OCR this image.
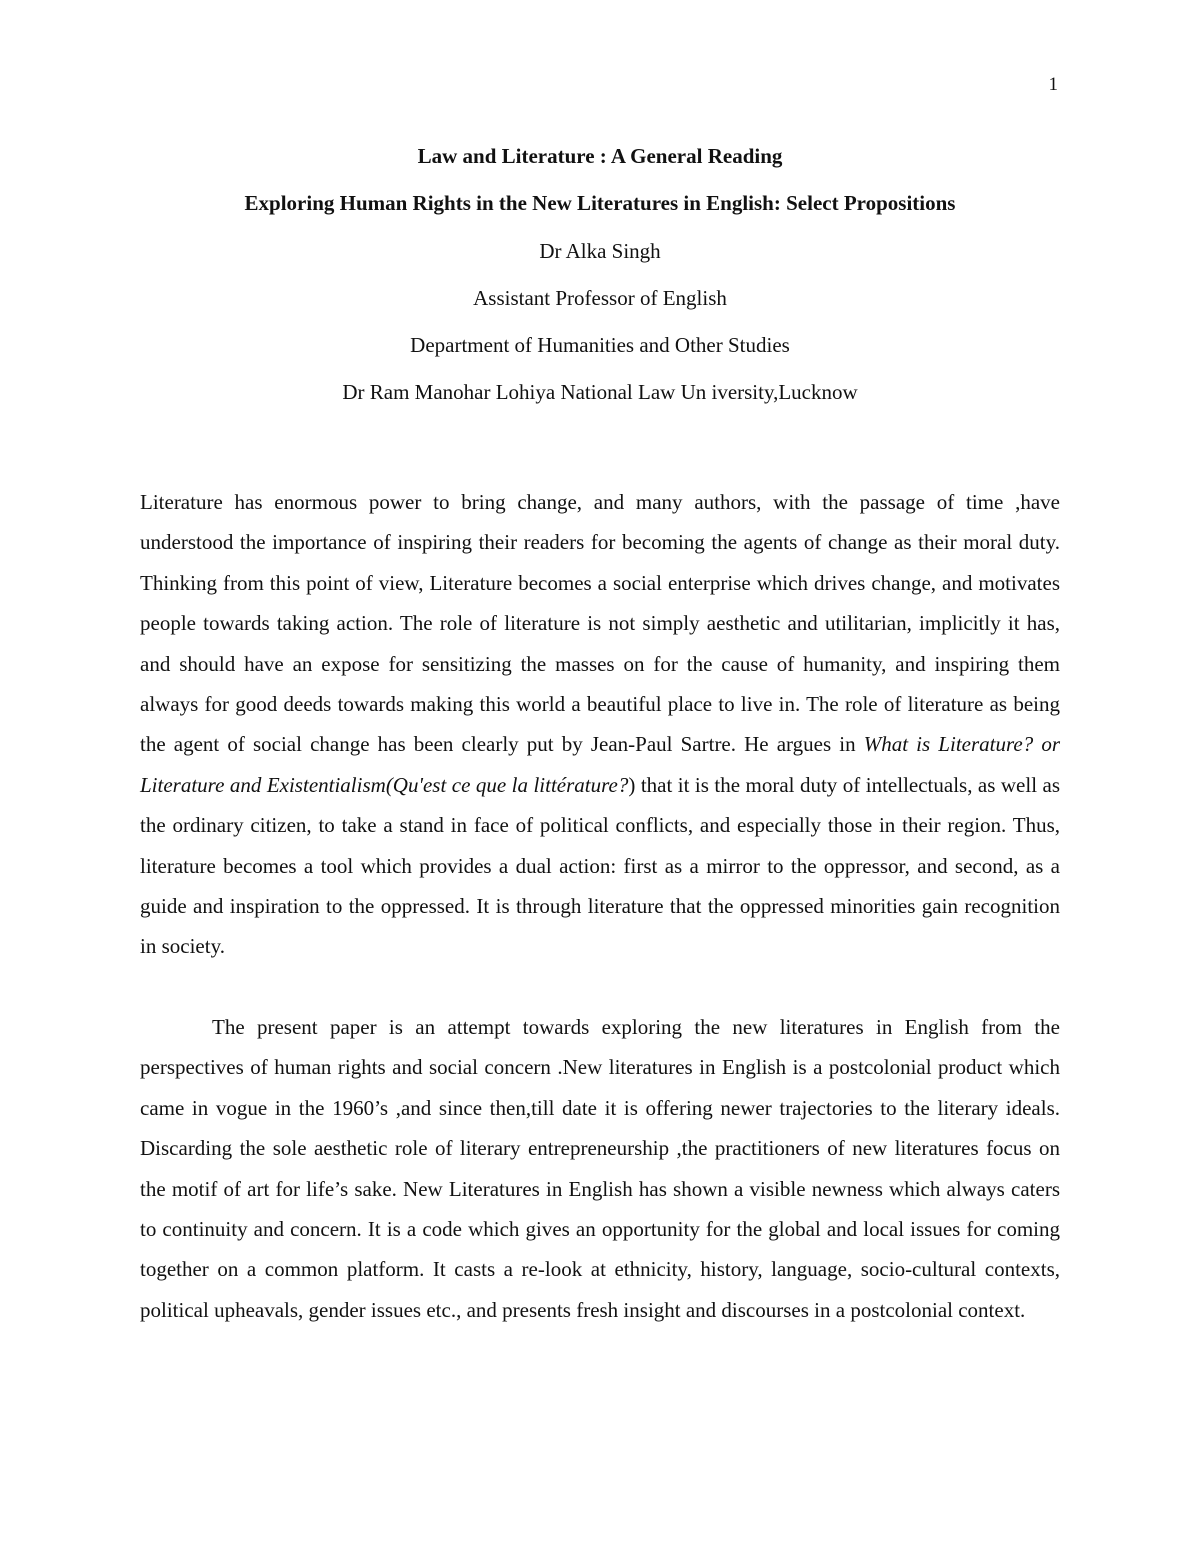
1

Law and Literature : A General Reading

Exploring Human Rights in the New Literatures in English: Select Propositions

Dr Alka Singh

Assistant Professor of English

Department of Humanities and Other Studies

Dr Ram Manohar Lohiya National Law Un iversity,Lucknow

Literature has enormous power to bring change, and many authors, with the passage of time ,have understood the importance of inspiring their readers for becoming the agents of change as their moral duty. Thinking from this point of view, Literature becomes a social enterprise which drives change, and motivates people towards taking action. The role of literature is not simply aesthetic and utilitarian, implicitly it has, and should have an expose for sensitizing the masses on for the cause of humanity, and inspiring them always for good deeds towards making this world a beautiful place to live in. The role of literature as being the agent of social change has been clearly put by Jean-Paul Sartre. He argues in What is Literature? or Literature and Existentialism(Qu'est ce que la littérature?) that it is the moral duty of intellectuals, as well as the ordinary citizen, to take a stand in face of political conflicts, and especially those in their region. Thus, literature becomes a tool which provides a dual action: first as a mirror to the oppressor, and second, as a guide and inspiration to the oppressed. It is through literature that the oppressed minorities gain recognition in society.

The present paper is an attempt towards exploring the new literatures in English from the perspectives of human rights and social concern .New literatures in English is a postcolonial product which came in vogue in the 1960’s ,and since then,till date it is offering newer trajectories to the literary ideals. Discarding the sole aesthetic role of literary entrepreneurship ,the practitioners of new literatures focus on the motif of art for life’s sake. New Literatures in English has shown a visible newness which always caters to continuity and concern. It is a code which gives an opportunity for the global and local issues for coming together on a common platform. It casts a re-look at ethnicity, history, language, socio-cultural contexts, political upheavals, gender issues etc., and presents fresh insight and discourses in a postcolonial context.
